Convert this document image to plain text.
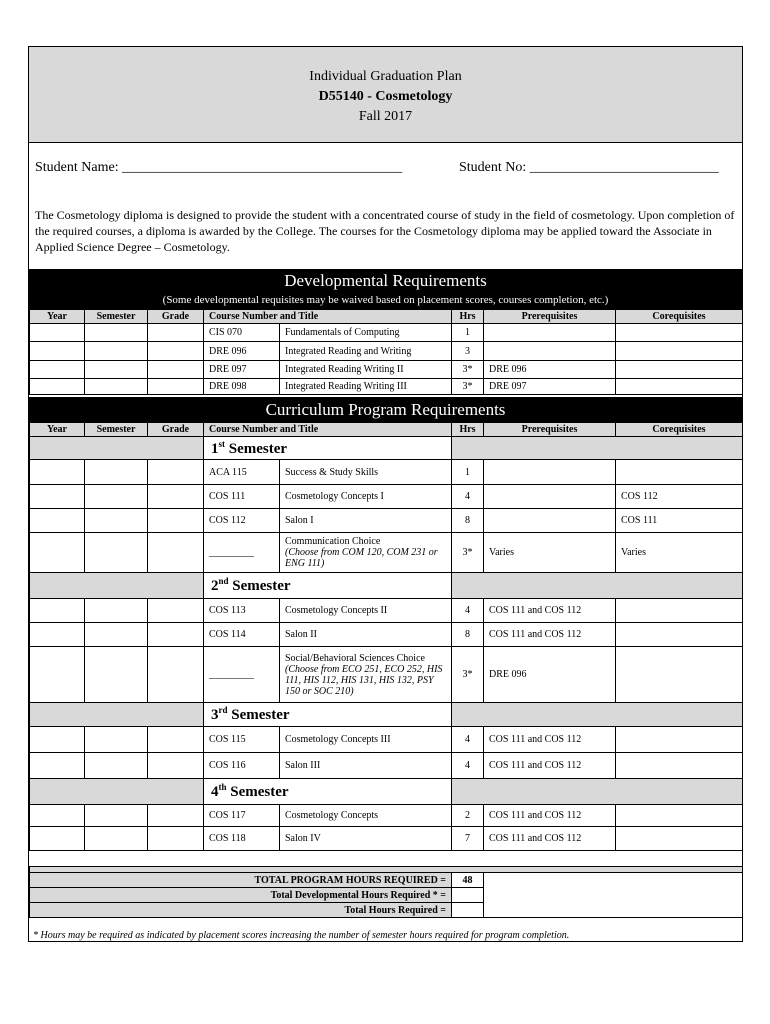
Individual Graduation Plan
D55140 - Cosmetology
Fall 2017
Student Name: ________________________________________	Student No: ___________________________
The Cosmetology diploma is designed to provide the student with a concentrated course of study in the field of cosmetology. Upon completion of the required courses, a diploma is awarded by the College. The courses for the Cosmetology diploma may be applied toward the Associate in Applied Science Degree – Cosmetology.
Developmental Requirements
(Some developmental requisites may be waived based on placement scores, courses completion, etc.)
Year	Semester	Grade	Course Number and Title		Hrs	Prerequisites	Corequisites
			CIS 070	Fundamentals of Computing	1		
			DRE 096	Integrated Reading and Writing	3		
			DRE 097	Integrated Reading Writing II	3*	DRE 096	
			DRE 098	Integrated Reading Writing III	3*	DRE 097	
Curriculum Program Requirements
Year	Semester	Grade	Course Number and Title		Hrs	Prerequisites	Corequisites
			1st Semester				
			ACA 115	Success & Study Skills	1		
			COS 111	Cosmetology Concepts I	4		COS 112
			COS 112	Salon I	8		COS 111
			_________	Communication Choice
(Choose from COM 120, COM 231 or ENG 111)	3*	Varies	Varies
			2nd Semester				
			COS 113	Cosmetology Concepts II	4	COS 111 and COS 112	
			COS 114	Salon II	8	COS 111 and COS 112	
			_________	Social/Behavioral Sciences Choice
(Choose from ECO 251, ECO 252, HIS 111, HIS 112, HIS 131, HIS 132, PSY 150 or SOC 210)	3*	DRE 096	
			3rd Semester				
			COS 115	Cosmetology Concepts III	4	COS 111 and COS 112	
			COS 116	Salon III	4	COS 111 and COS 112	
			4th Semester				
			COS 117	Cosmetology Concepts	2	COS 111 and COS 112	
			COS 118	Salon IV	7	COS 111 and COS 112	

TOTAL PROGRAM HOURS REQUIRED =					48		
Total Developmental Hours Required * =							
Total Hours Required =							
* Hours may be required as indicated by placement scores increasing the number of semester hours required for program completion.
